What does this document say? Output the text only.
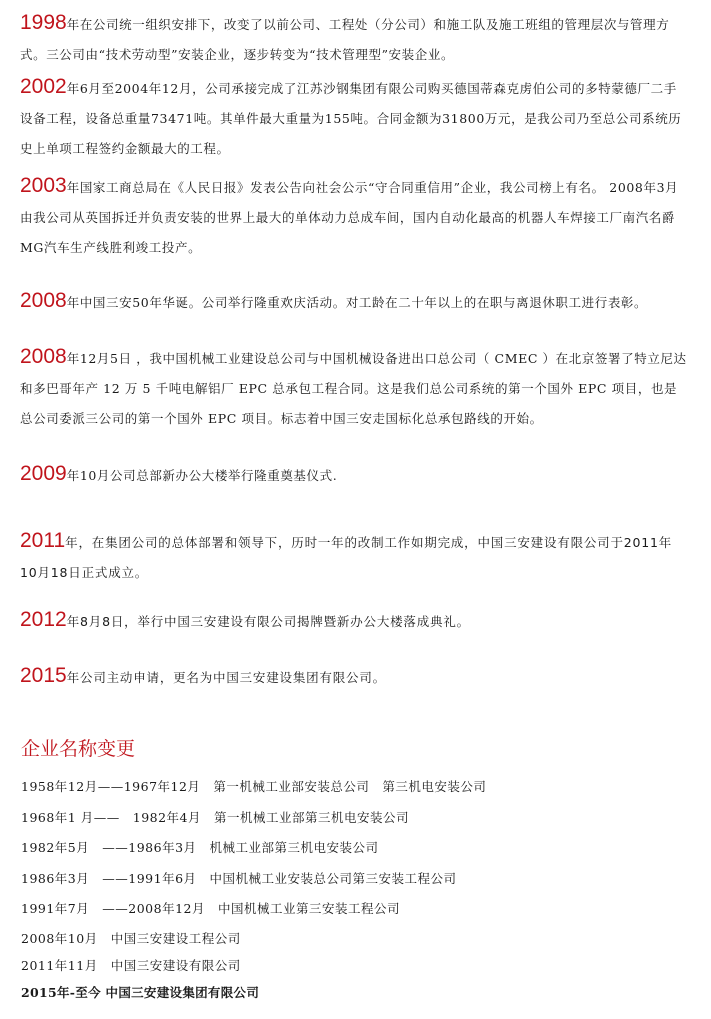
1998年在公司统一组织安排下，改变了以前公司、工程处（分公司）和施工队及施工班组的管理层次与管理方式。三公司由“技术劳动型”安装企业，逐步转变为“技术管理型”安装企业。

2002年6月至2004年12月，公司承接完成了江苏沙钢集团有限公司购买德国蒂森克虏伯公司的多特蒙德厂二手设备工程，设备总重量73471吨。其单件最大重量为155吨。合同金额为31800万元，是我公司乃至总公司系统历史上单项工程签约金额最大的工程。

2003年国家工商总局在《人民日报》发表公告向社会公示“守合同重信用”企业，我公司榜上有名。 2008年3月由我公司从英国拆迁并负责安装的世界上最大的单体动力总成车间，国内自动化最高的机器人车焊接工厂南汽名爵MG汽车生产线胜利竣工投产。

2008年中国三安50年华诞。公司举行隆重欢庆活动。对工龄在二十年以上的在职与离退休职工进行表彰。

2008年12月5日 ，我中国机械工业建设总公司与中国机械设备进出口总公司（ CMEC ）在北京签署了特立尼达和多巴哥年产 12 万 5 千吨电解铝厂 EPC 总承包工程合同。这是我们总公司系统的第一个国外 EPC 项目，也是总公司委派三公司的第一个国外 EPC 项目。标志着中国三安走国标化总承包路线的开始。

2009年10月公司总部新办公大楼举行隆重奠基仪式.

2011年，在集团公司的总体部署和领导下，历时一年的改制工作如期完成，中国三安建设有限公司于2011年10月18日正式成立。

2012年8月8日，举行中国三安建设有限公司揭牌暨新办公大楼落成典礼。

2015年公司主动申请，更名为中国三安建设集团有限公司。

企业名称变更
1958年12月——1967年12月　第一机械工业部安装总公司　第三机电安装公司
1968年1 月——　1982年4月　第一机械工业部第三机电安装公司
1982年5月　——1986年3月　机械工业部第三机电安装公司
1986年3月　——1991年6月　中国机械工业安装总公司第三安装工程公司
1991年7月　——2008年12月　中国机械工业第三安装工程公司
2008年10月　中国三安建设工程公司
2011年11月　中国三安建设有限公司
2015年-至今 中国三安建设集团有限公司
